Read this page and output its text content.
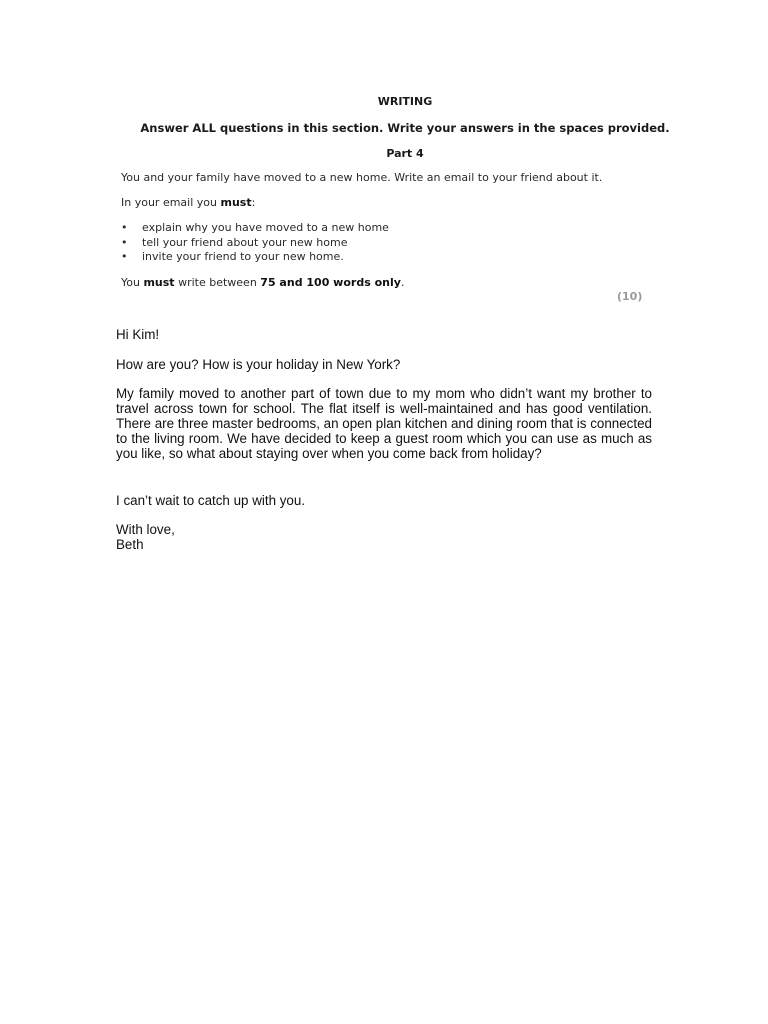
WRITING
Answer ALL questions in this section. Write your answers in the spaces provided.
Part 4
You and your family have moved to a new home. Write an email to your friend about it.
In your email you must:
• explain why you have moved to a new home
• tell your friend about your new home
• invite your friend to your new home.
You must write between 75 and 100 words only.
(10)
Hi Kim!
How are you? How is your holiday in New York?
My family moved to another part of town due to my mom who didn’t want my brother to travel across town for school. The flat itself is well-maintained and has good ventilation. There are three master bedrooms, an open plan kitchen and dining room that is connected to the living room. We have decided to keep a guest room which you can use as much as you like, so what about staying over when you come back from holiday?
I can’t wait to catch up with you.
With love,
Beth
